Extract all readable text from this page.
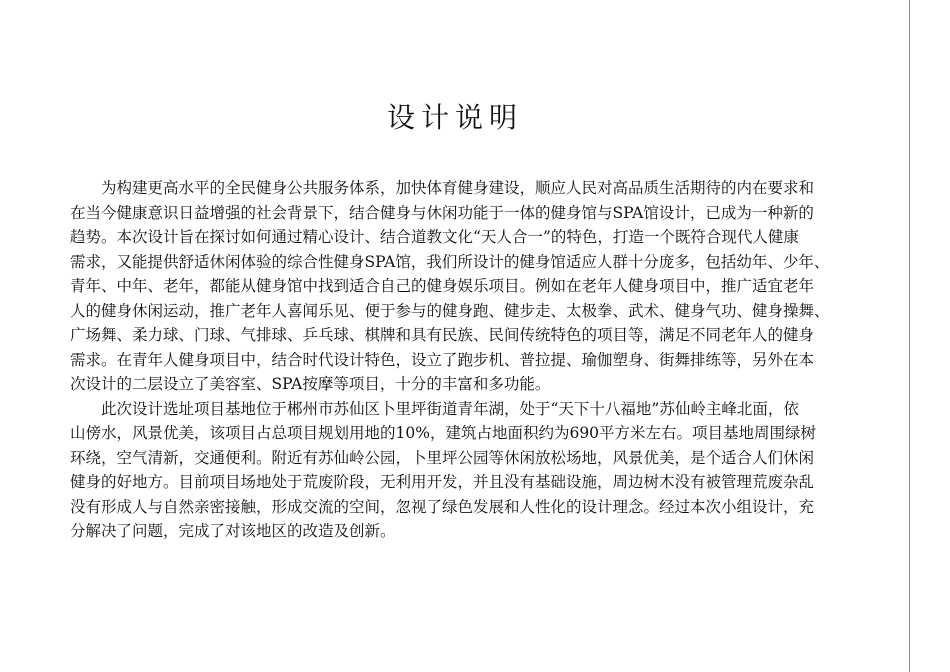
设计说明
为构建更高水平的全民健身公共服务体系，加快体育健身建设，顺应人民对高品质生活期待的内在要求和
在当今健康意识日益增强的社会背景下，结合健身与休闲功能于一体的健身馆与SPA馆设计，已成为一种新的
趋势。本次设计旨在探讨如何通过精心设计、结合道教文化“天人合一”的特色，打造一个既符合现代人健康
需求，又能提供舒适休闲体验的综合性健身SPA馆，我们所设计的健身馆适应人群十分庞多，包括幼年、少年、
青年、中年、老年，都能从健身馆中找到适合自己的健身娱乐项目。例如在老年人健身项目中，推广适宜老年
人的健身休闲运动，推广老年人喜闻乐见、便于参与的健身跑、健步走、太极拳、武术、健身气功、健身操舞、
广场舞、柔力球、门球、气排球、乒乓球、棋牌和具有民族、民间传统特色的项目等，满足不同老年人的健身
需求。在青年人健身项目中，结合时代设计特色，设立了跑步机、普拉提、瑜伽塑身、街舞排练等，另外在本
次设计的二层设立了美容室、SPA按摩等项目，十分的丰富和多功能。
此次设计选址项目基地位于郴州市苏仙区卜里坪街道青年湖，处于“天下十八福地”苏仙岭主峰北面，依
山傍水，风景优美，该项目占总项目规划用地的10%，建筑占地面积约为690平方米左右。项目基地周围绿树
环绕，空气清新，交通便利。附近有苏仙岭公园，卜里坪公园等休闲放松场地，风景优美，是个适合人们休闲
健身的好地方。目前项目场地处于荒废阶段，无利用开发，并且没有基础设施，周边树木没有被管理荒废杂乱
没有形成人与自然亲密接触，形成交流的空间，忽视了绿色发展和人性化的设计理念。经过本次小组设计，充
分解决了问题，完成了对该地区的改造及创新。
